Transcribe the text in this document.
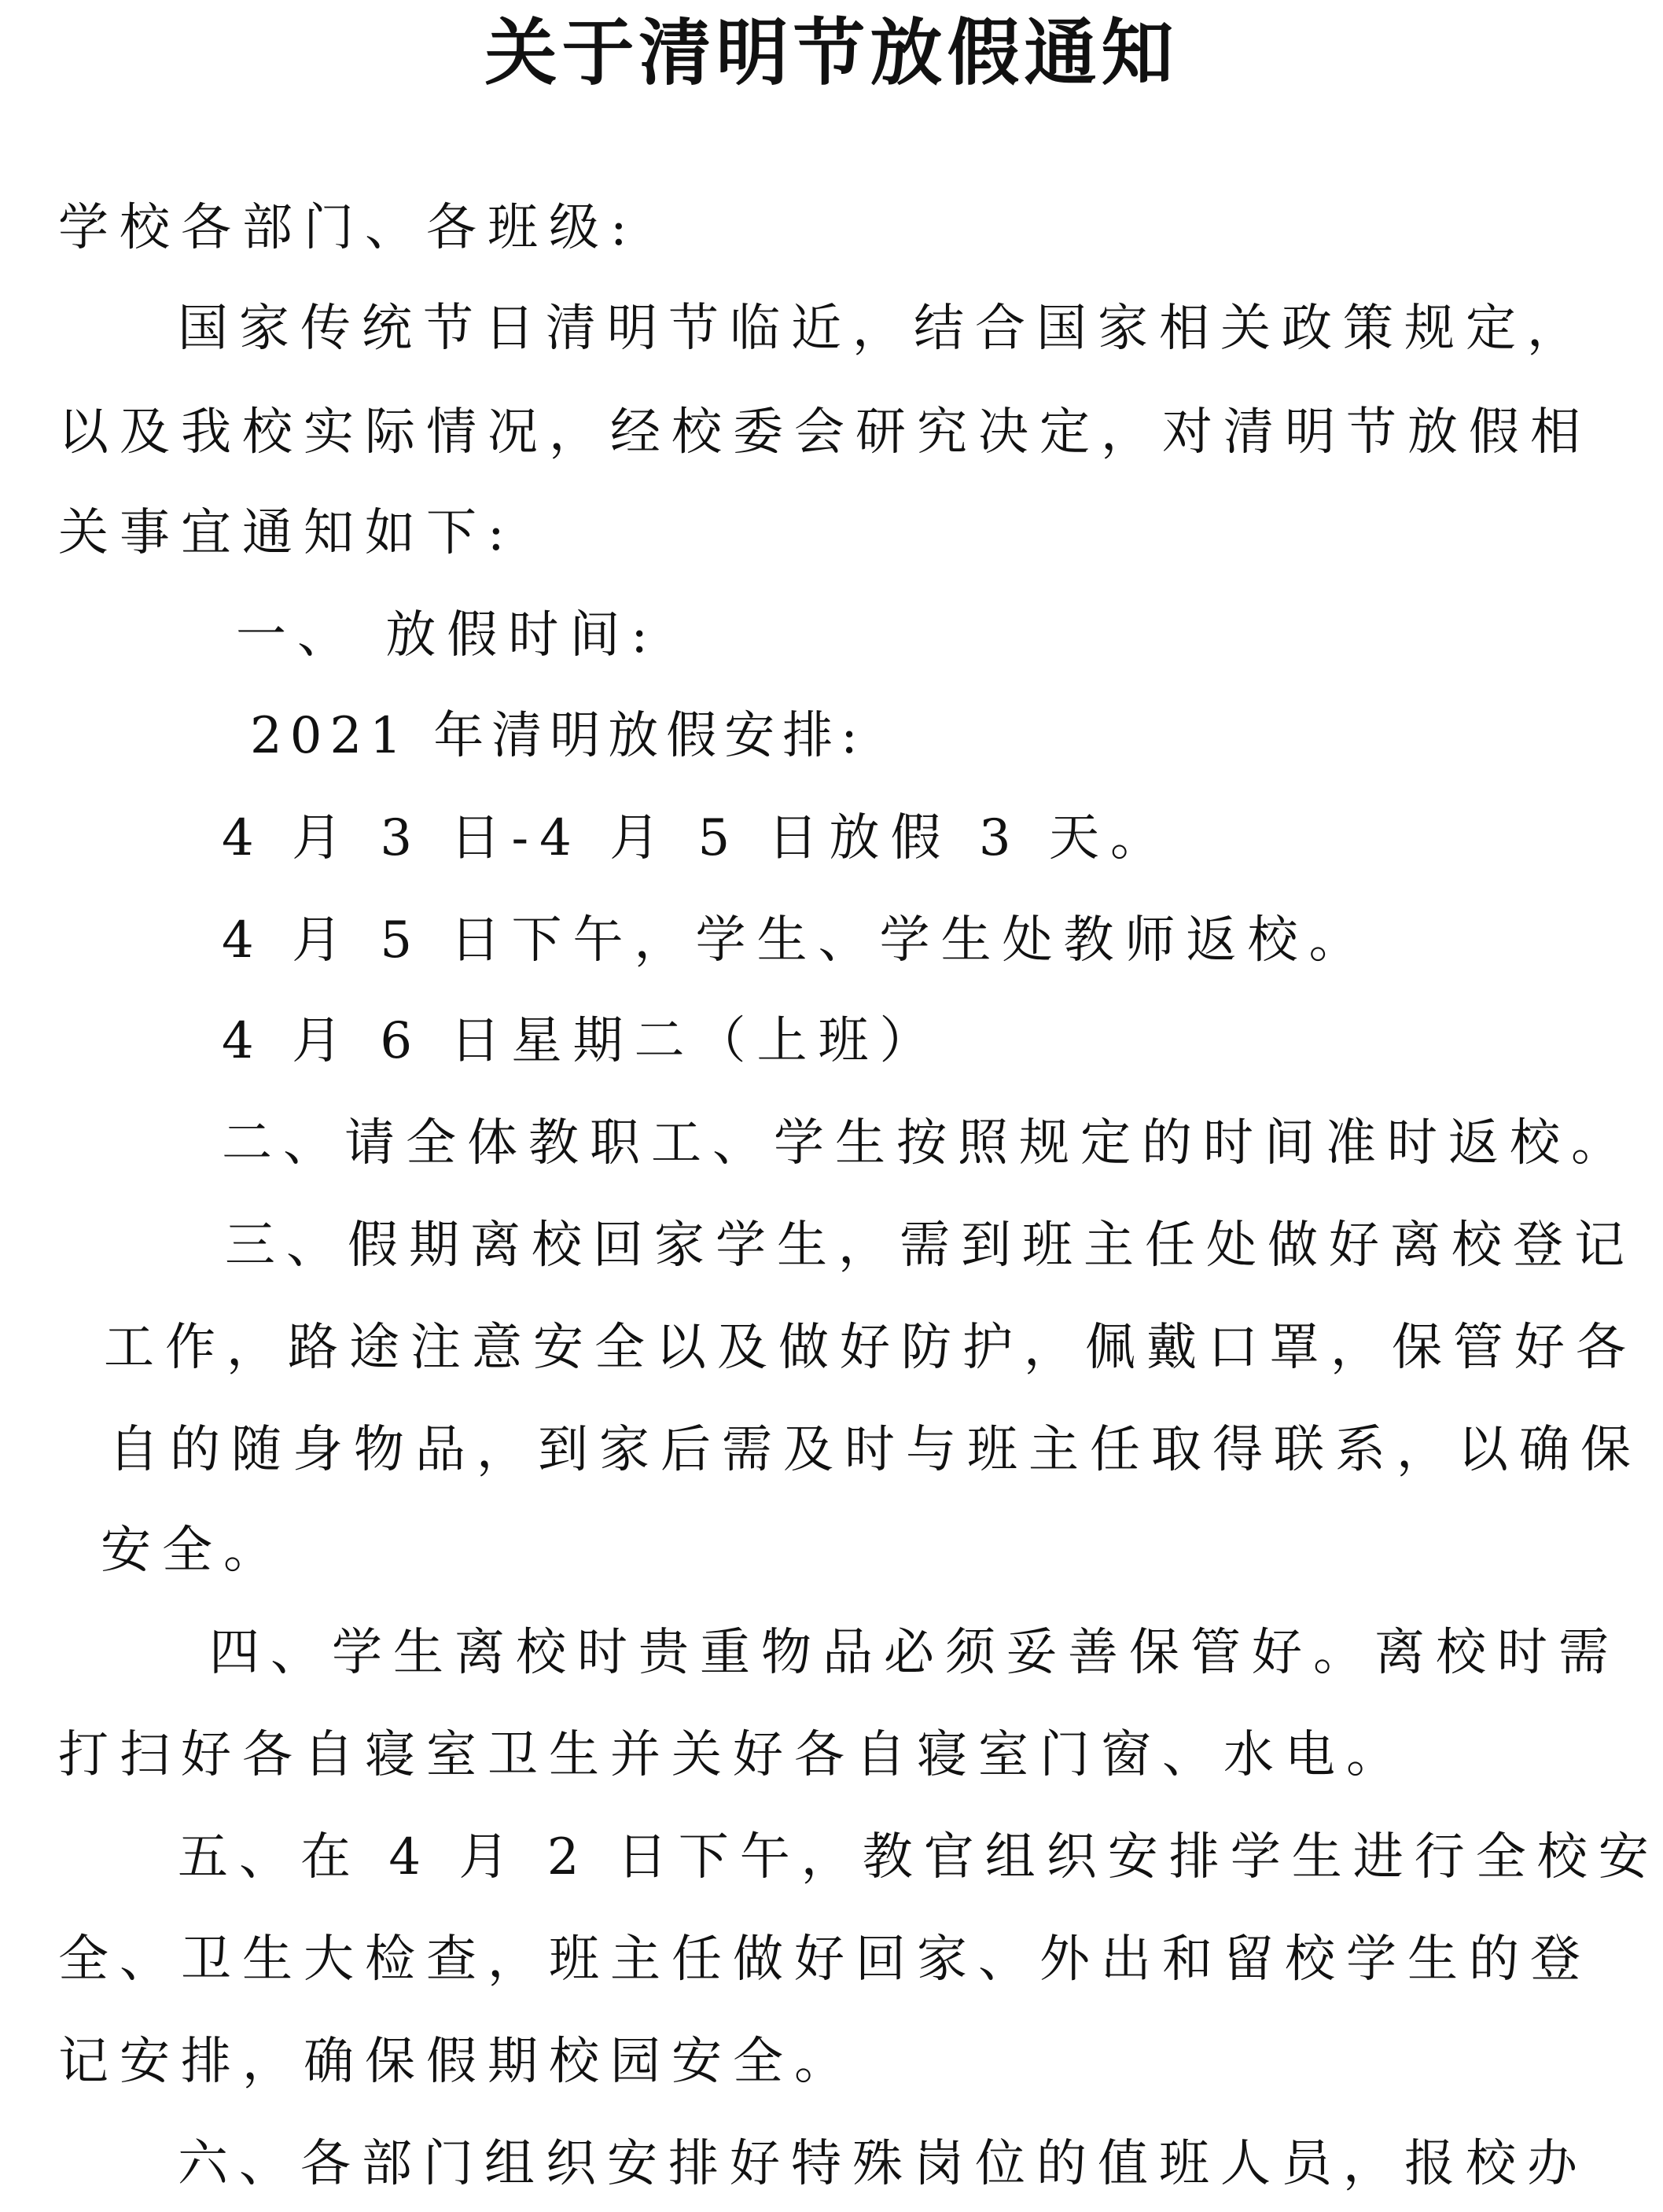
关于清明节放假通知
学校各部门、各班级:
国家传统节日清明节临近，结合国家相关政策规定，
以及我校实际情况，经校委会研究决定，对清明节放假相
关事宜通知如下:
一、 放假时间:
2021 年清明放假安排:
4 月 3 日-4 月 5 日放假 3 天。
4 月 5 日下午，学生、学生处教师返校。
4 月 6 日星期二（上班）
二、请全体教职工、学生按照规定的时间准时返校。
三、假期离校回家学生，需到班主任处做好离校登记
工作，路途注意安全以及做好防护，佩戴口罩，保管好各
自的随身物品，到家后需及时与班主任取得联系，以确保
安全。
四、学生离校时贵重物品必须妥善保管好。离校时需
打扫好各自寝室卫生并关好各自寝室门窗、水电。
五、在 4 月 2 日下午，教官组织安排学生进行全校安
全、卫生大检查，班主任做好回家、外出和留校学生的登
记安排，确保假期校园安全。
六、各部门组织安排好特殊岗位的值班人员，报校办
